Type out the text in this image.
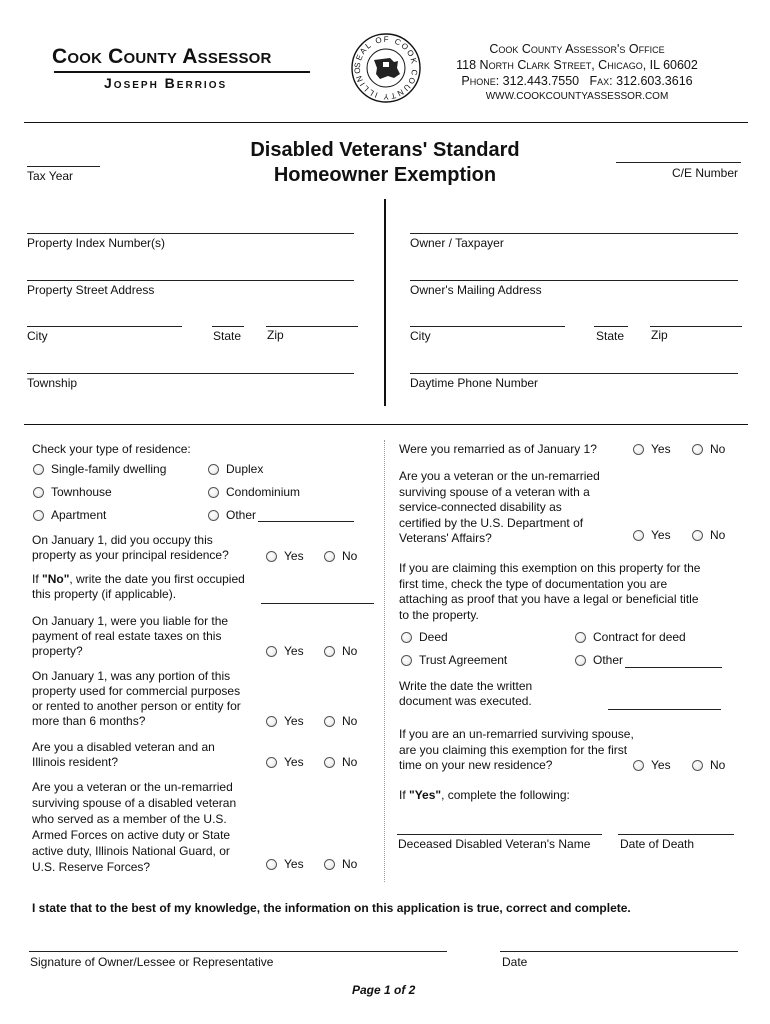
Cook County Assessor
Joseph Berrios
SEAL OF COOK COUNTY ILLINO
Cook County Assessor's Office
118 North Clark Street, Chicago, IL 60602
Phone: 312.443.7550   Fax: 312.603.3616
WWW.COOKCOUNTYASSESSOR.COM
Tax Year
Disabled Veterans' Standard
Homeowner Exemption	C/E Number
Property Index Number(s)
Property Street Address
City	State Zip
Township
Owner / Taxpayer
Owner's Mailing Address
City	State Zip
Daytime Phone Number
Check your type of residence:
Single-family dwelling	Duplex
Townhouse	Condominium
Apartment	Other
On January 1, did you occupy this property as your principal residence?	Yes	No
If "No", write the date you first occupied this property (if applicable).
On January 1, were you liable for the payment of real estate taxes on this property?	Yes	No
On January 1, was any portion of this property used for commercial purposes or rented to another person or entity for more than 6 months?	Yes	No
Are you a disabled veteran and an Illinois resident?	Yes	No
Are you a veteran or the un-remarried surviving spouse of a disabled veteran who served as a member of the U.S. Armed Forces on active duty or State active duty, Illinois National Guard, or U.S. Reserve Forces?	Yes	No
Were you remarried as of January 1?	Yes	No
Are you a veteran or the un-remarried surviving spouse of a veteran with a service-connected disability as certified by the U.S. Department of Veterans' Affairs?	Yes	No
If you are claiming this exemption on this property for the first time, check the type of documentation you are attaching as proof that you have a legal or beneficial title to the property.
Deed	Contract for deed
Trust Agreement	Other
Write the date the written document was executed.
If you are an un-remarried surviving spouse, are you claiming this exemption for the first time on your new residence?	Yes	No
If "Yes", complete the following:
Deceased Disabled Veteran's Name Date of Death
I state that to the best of my knowledge, the information on this application is true, correct and complete.
Signature of Owner/Lessee or Representative	Date
Page 1 of 2
